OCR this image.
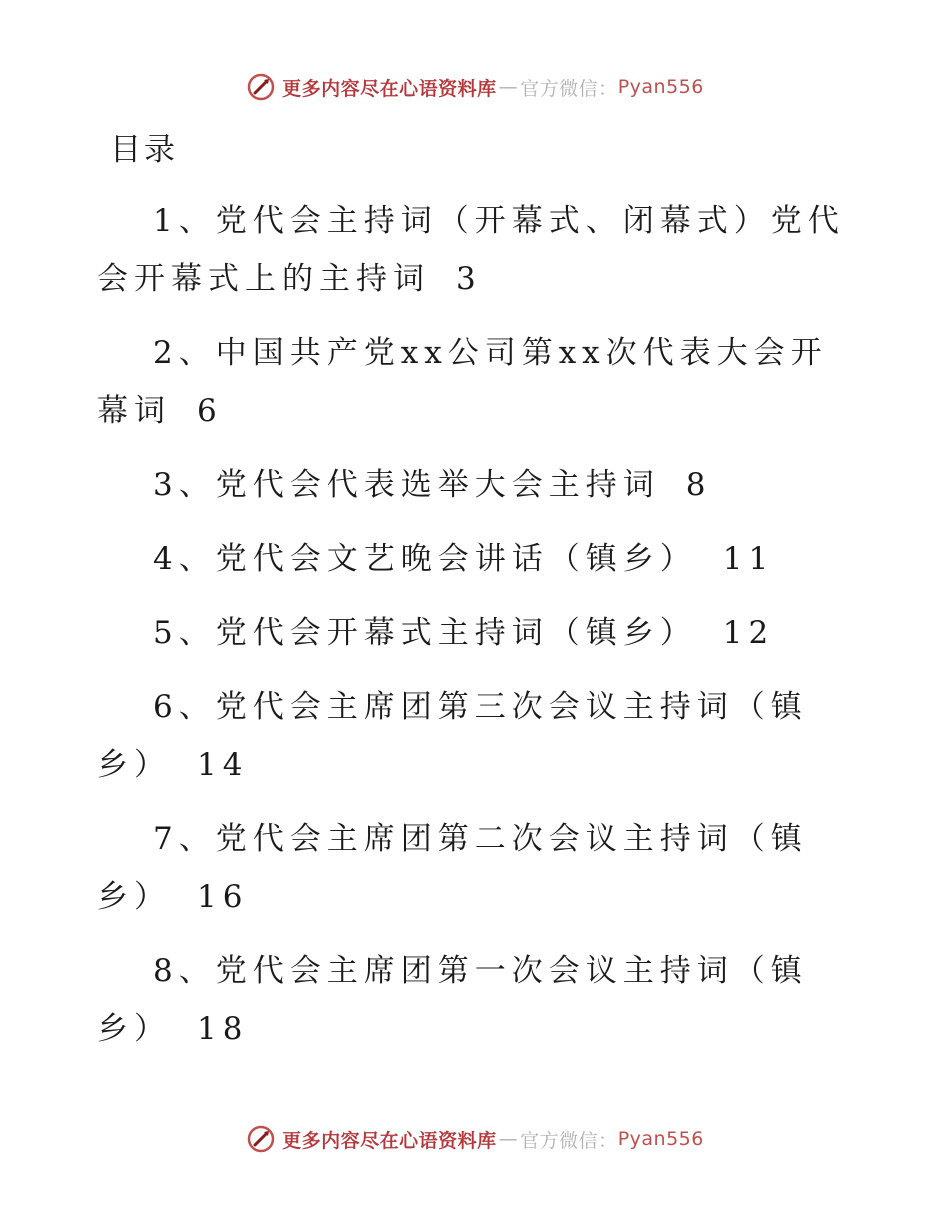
更多内容尽在心语资料库 — 官方微信： Pyan556
目录

1、党代会主持词（开幕式、闭幕式）党代会开幕式上的主持词 3

2、中国共产党xx公司第xx次代表大会开幕词 6

3、党代会代表选举大会主持词 8

4、党代会文艺晚会讲话（镇乡） 11

5、党代会开幕式主持词（镇乡） 12

6、党代会主席团第三次会议主持词（镇乡） 14

7、党代会主席团第二次会议主持词（镇乡） 16

8、党代会主席团第一次会议主持词（镇乡） 18

更多内容尽在心语资料库 — 官方微信： Pyan556
